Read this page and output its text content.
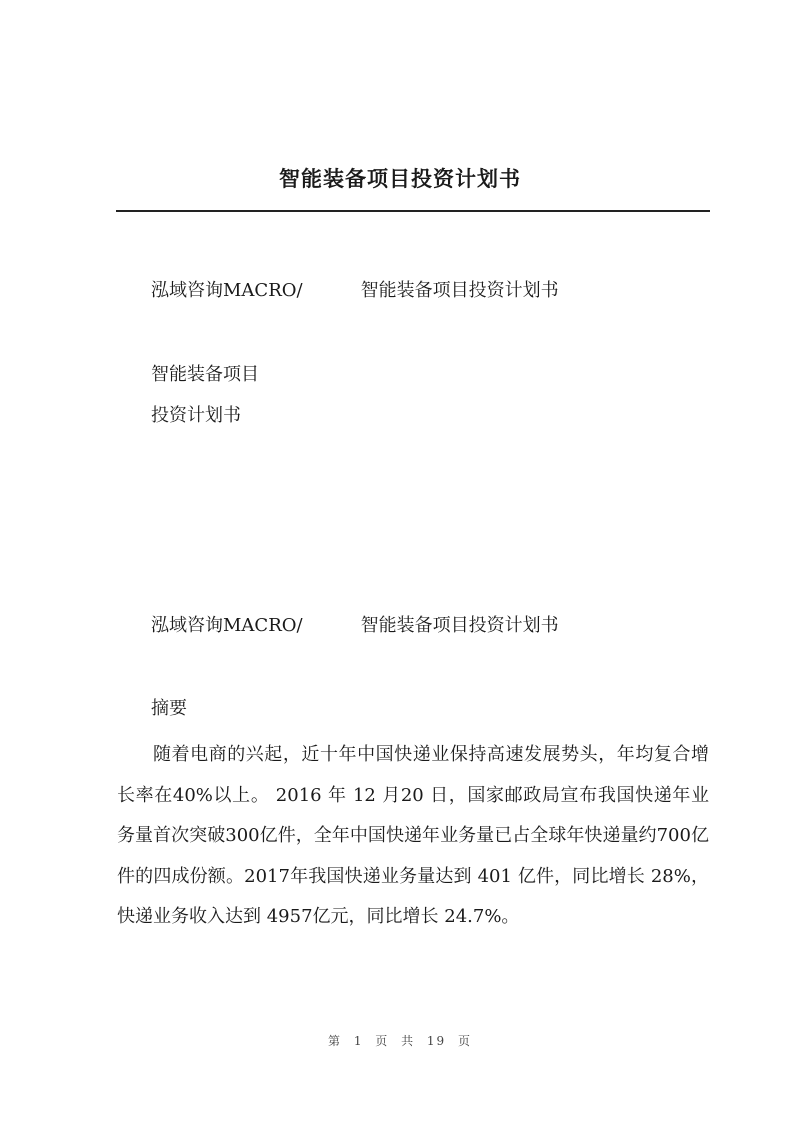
智能装备项目投资计划书
泓域咨询MACRO/	智能装备项目投资计划书
智能装备项目
投资计划书
泓域咨询MACRO/	智能装备项目投资计划书
摘要

随着电商的兴起，近十年中国快递业保持高速发展势头，年均复合增长率在40%以上。 2016 年 12 月20 日，国家邮政局宣布我国快递年业务量首次突破300亿件，全年中国快递年业务量已占全球年快递量约700亿件的四成份额。2017年我国快递业务量达到 401 亿件，同比增长 28%，快递业务收入达到 4957亿元，同比增长 24.7%。

第 1 页 共 19 页
